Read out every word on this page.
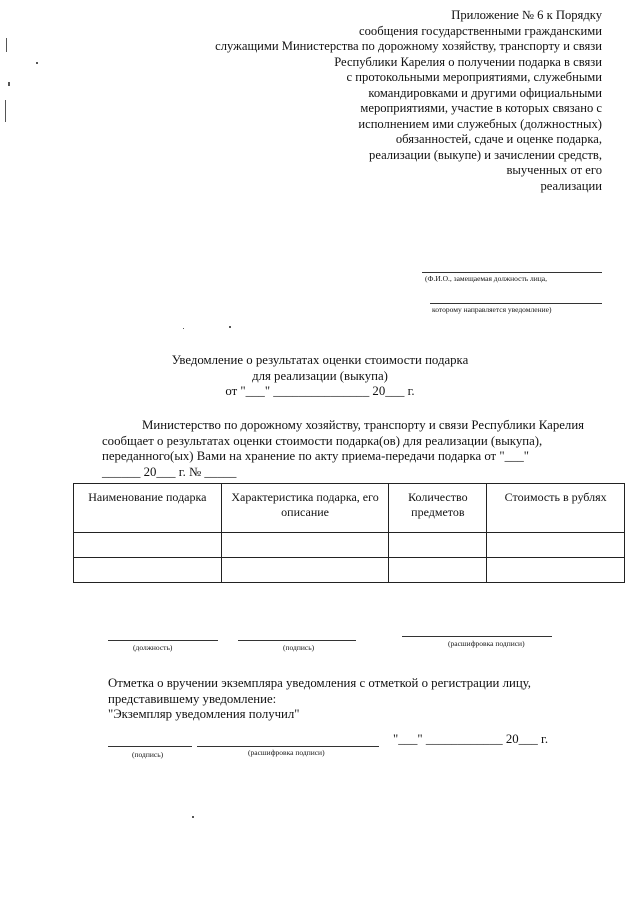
Приложение № 6 к Порядку
сообщения государственными гражданскими
служащими Министерства по дорожному хозяйству, транспорту и связи
Республики Карелия о получении подарка в связи
с протокольными мероприятиями, служебными
командировками и другими официальными
мероприятиями, участие в которых связано с
исполнением ими служебных (должностных)
обязанностей, сдаче и оценке подарка,
реализации (выкупе) и зачислении средств,
выученных от его
реализации
(Ф.И.О., замещаемая должность лица,
которому направляется уведомление)
Уведомление о результатах оценки стоимости подарка
для реализации (выкупа)
от "___" _______________ 20___ г.
Министерство по дорожному хозяйству, транспорту и связи Республики Карелия
сообщает о результатах оценки стоимости подарка(ов) для реализации (выкупа),
переданного(ых) Вами на хранение по акту приема-передачи подарка от "___"
______ 20___ г. № _____
Наименование подарка	Характеристика подарка, его описание	Количество предметов	Стоимость в рублях

(должность)	(подпись)	(расшифровка подписи)
Отметка о вручении экземпляра уведомления с отметкой о регистрации лицу,
представившему уведомление:
"Экземпляр уведомления получил"
(подпись)	(расшифровка подписи)
"___" ____________ 20___ г.
